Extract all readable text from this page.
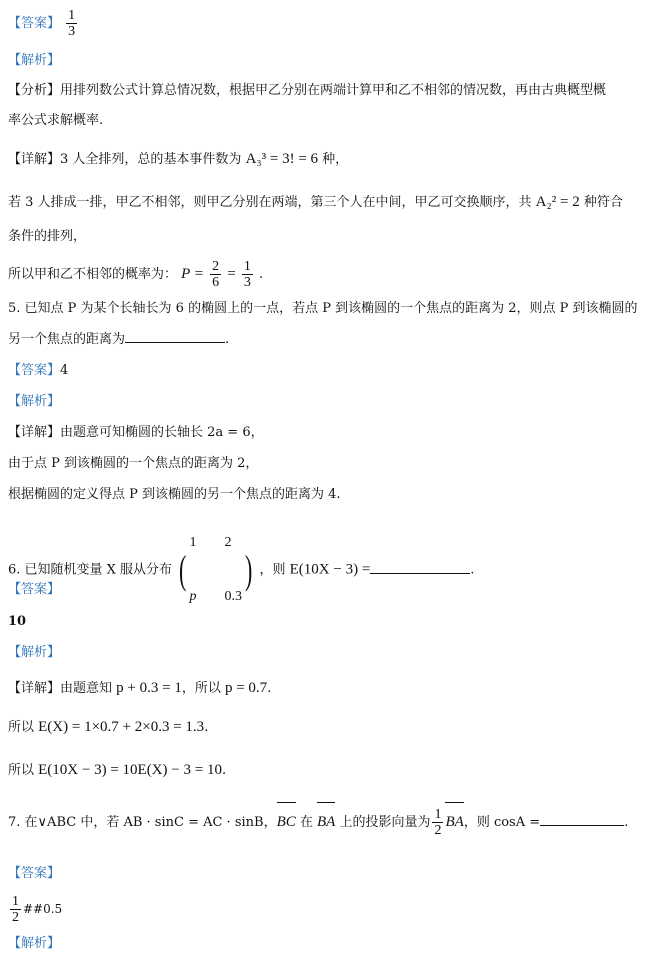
【答案】 $\frac{1}{3}$
【解析】
【分析】用排列数公式计算总情况数，根据甲乙分别在两端计算甲和乙不相邻的情况数，再由古典概型概
率公式求解概率.
【详解】3 人全排列，总的基本事件数为 A₃³ = 3! = 6 种，
若 3 人排成一排，甲乙不相邻，则甲乙分别在两端，第三个人在中间，甲乙可交换顺序，共 A₂² = 2 种符合
条件的排列，
所以甲和乙不相邻的概率为： $P = \frac{2}{6} = \frac{1}{3}$ .
5. 已知点 P 为某个长轴长为 6 的椭圆上的一点，若点 P 到该椭圆的一个焦点的距离为 2，则点 P 到该椭圆的
另一个焦点的距离为	.
【答案】4
【解析】
【详解】由题意可知椭圆的长轴长 2a = 6，
由于点 P 到该椭圆的一个焦点的距离为 2，
根据椭圆的定义得点 P 到该椭圆的另一个焦点的距离为 4.
6. 已知随机变量 X 服从分布 (
1 2
p 0.3
) ，则 E(10X − 3) =	.
【答案】
10
【解析】
【详解】由题意知 p + 0.3 = 1，所以 p = 0.7.
所以 E(X) = 1×0.7 + 2×0.3 = 1.3.
所以 E(10X − 3) = 10E(X) − 3 = 10.
7. 在∨ABC 中，若 AB · sinC = AC · sinB，BC 在 BA 上的投影向量为 $\frac{1}{2}$ BA，则 cosA =	.
【答案】
$\frac{1}{2}$ ##0.5
【解析】
